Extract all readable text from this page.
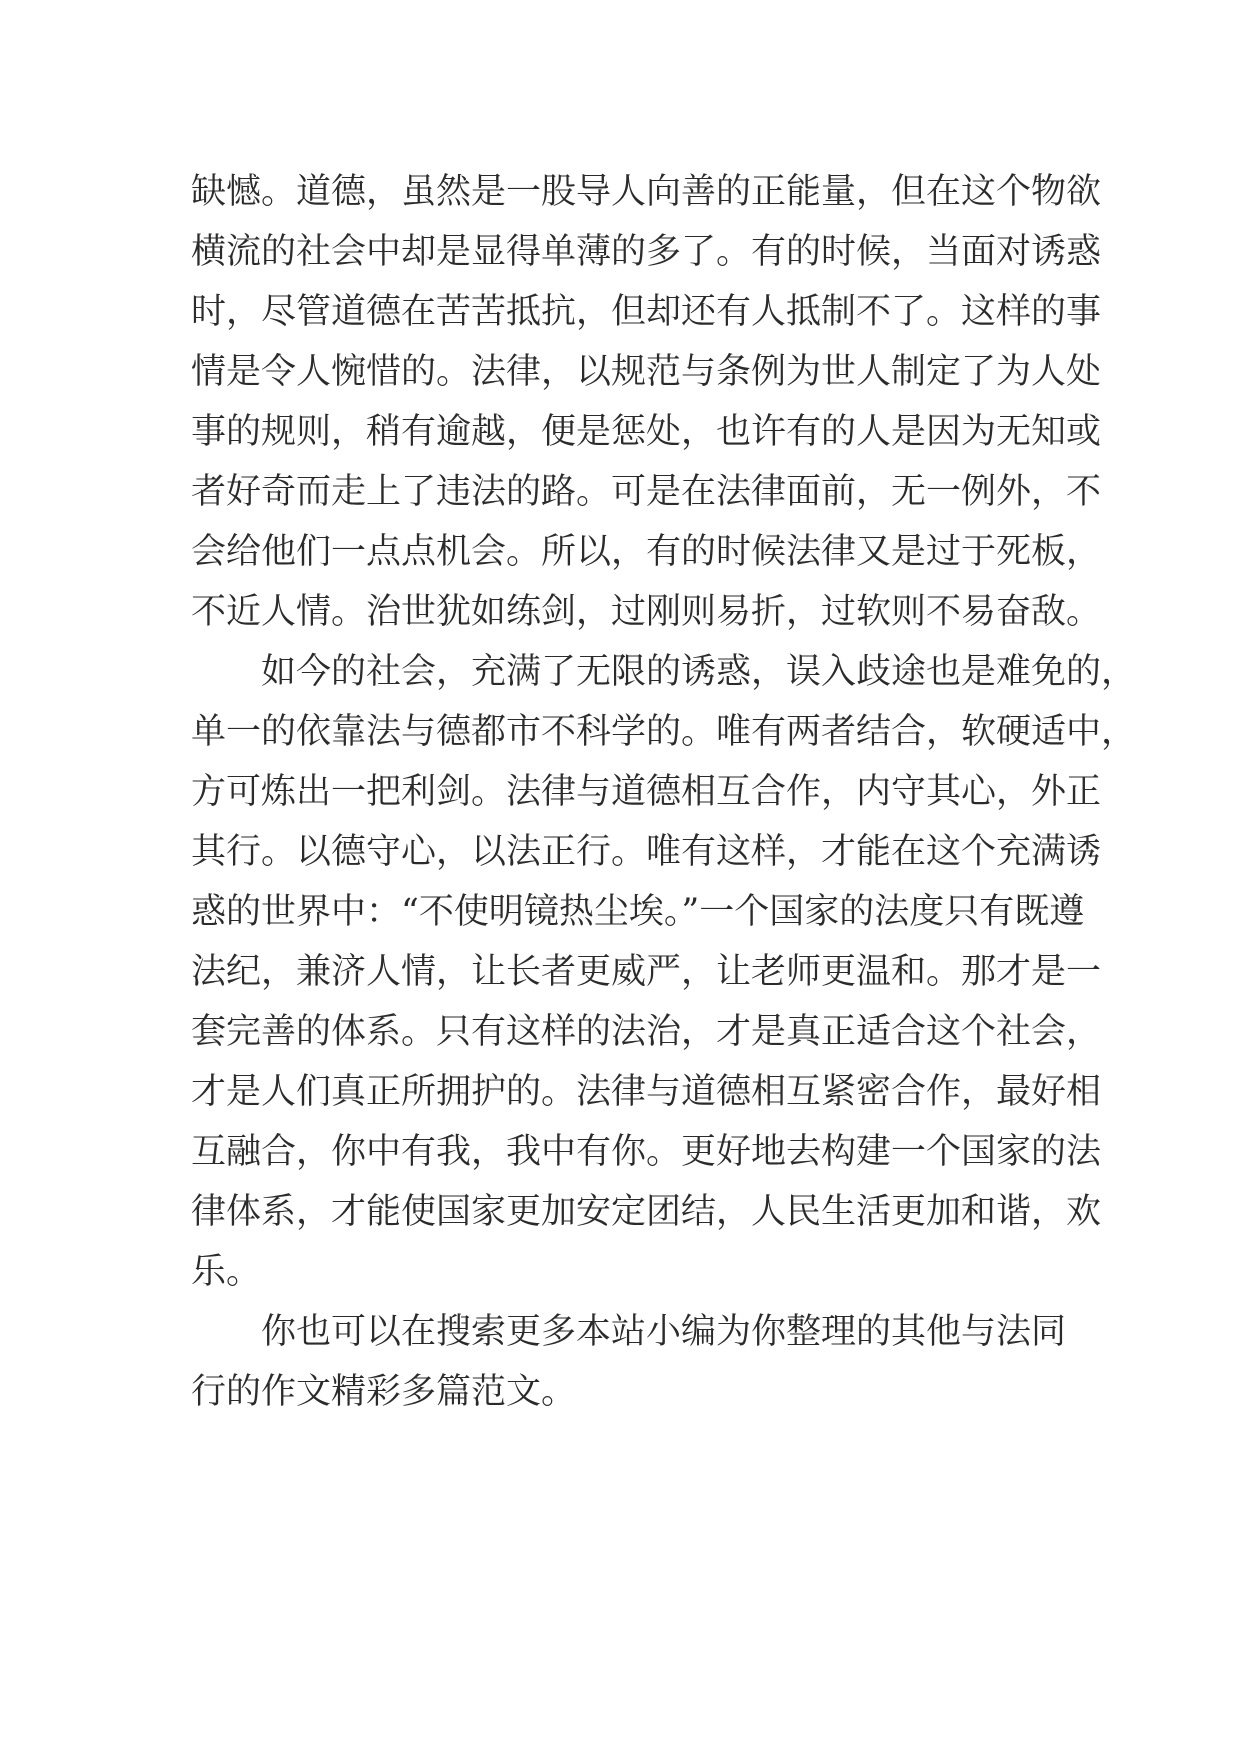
缺憾。道德，虽然是一股导人向善的正能量，但在这个物欲
横流的社会中却是显得单薄的多了。有的时候，当面对诱惑
时，尽管道德在苦苦抵抗，但却还有人抵制不了。这样的事
情是令人惋惜的。法律，以规范与条例为世人制定了为人处
事的规则，稍有逾越，便是惩处，也许有的人是因为无知或
者好奇而走上了违法的路。可是在法律面前，无一例外，不
会给他们一点点机会。所以，有的时候法律又是过于死板，
不近人情。治世犹如练剑，过刚则易折，过软则不易奋敌。
如今的社会，充满了无限的诱惑，误入歧途也是难免的，
单一的依靠法与德都市不科学的。唯有两者结合，软硬适中，
方可炼出一把利剑。法律与道德相互合作，内守其心，外正
其行。以德守心，以法正行。唯有这样，才能在这个充满诱
惑的世界中：“不使明镜热尘埃。”一个国家的法度只有既遵
法纪，兼济人情，让长者更威严，让老师更温和。那才是一
套完善的体系。只有这样的法治，才是真正适合这个社会，
才是人们真正所拥护的。法律与道德相互紧密合作，最好相
互融合，你中有我，我中有你。更好地去构建一个国家的法
律体系，才能使国家更加安定团结，人民生活更加和谐，欢
乐。
你也可以在搜索更多本站小编为你整理的其他与法同
行的作文精彩多篇范文。
